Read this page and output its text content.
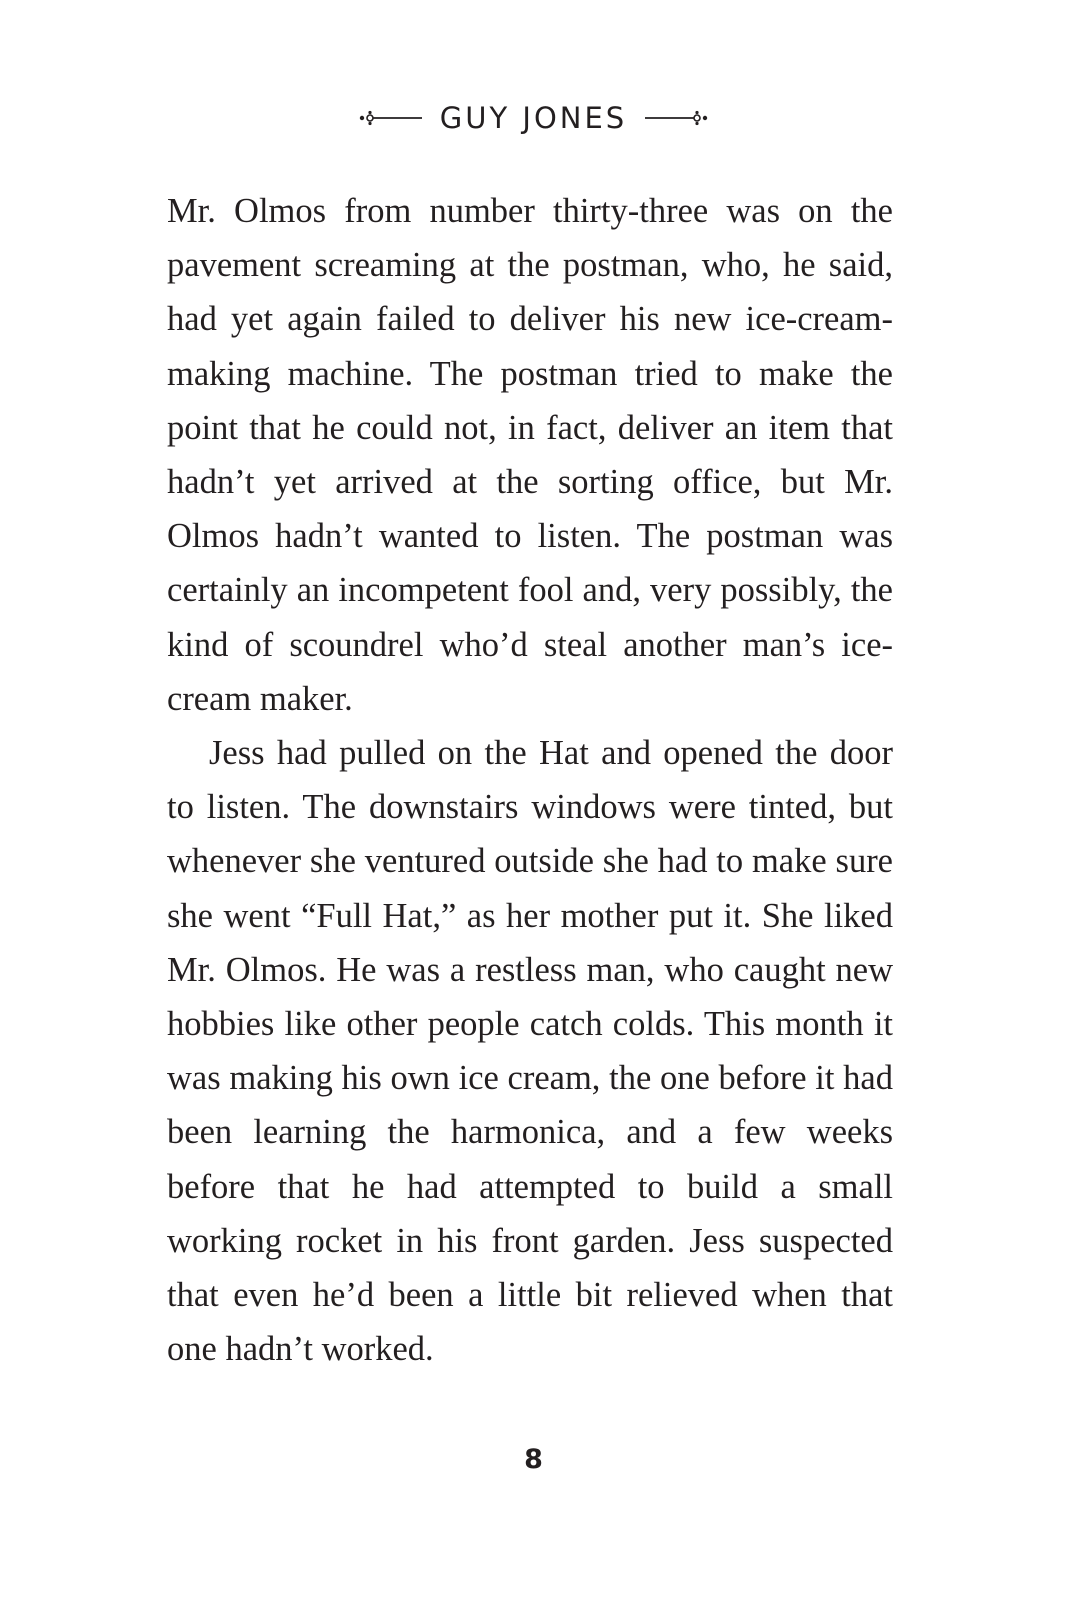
GUY JONES

Mr. Olmos from number thirty-three was on the pavement screaming at the postman, who, he said, had yet again failed to deliver his new ice-cream-making machine. The postman tried to make the point that he could not, in fact, deliver an item that hadn’t yet arrived at the sorting office, but Mr. Olmos hadn’t wanted to listen. The postman was certainly an incompetent fool and, very possibly, the kind of scoundrel who’d steal another man’s ice-cream maker.

Jess had pulled on the Hat and opened the door to listen. The downstairs windows were tinted, but whenever she ventured outside she had to make sure she went “Full Hat,” as her mother put it. She liked Mr. Olmos. He was a restless man, who caught new hobbies like other people catch colds. This month it was making his own ice cream, the one before it had been learning the harmonica, and a few weeks before that he had attempted to build a small working rocket in his front garden. Jess suspected that even he’d been a little bit relieved when that one hadn’t worked.

8
